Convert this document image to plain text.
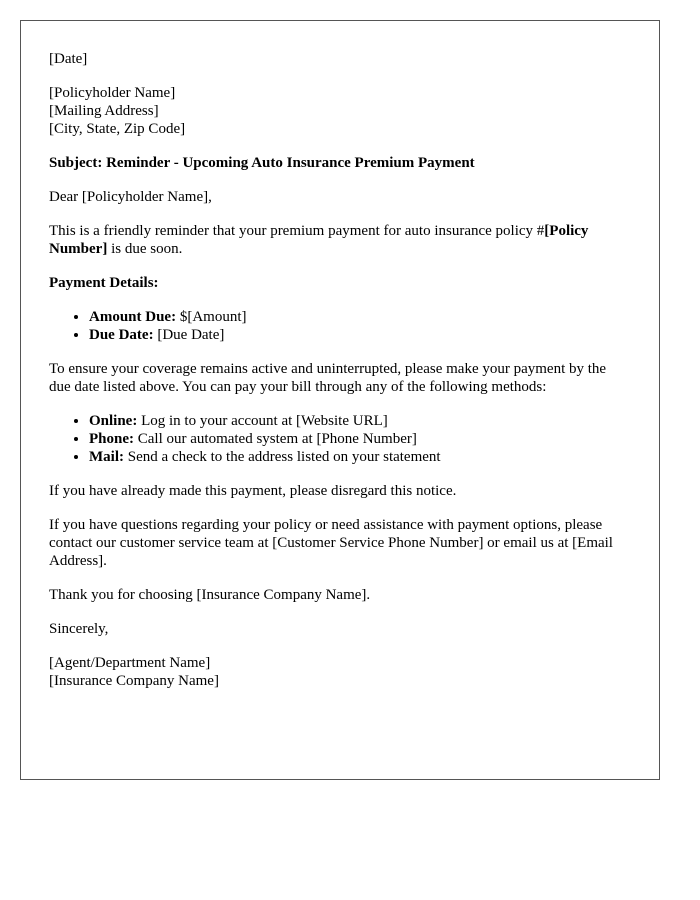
[Date]

[Policyholder Name]

[Mailing Address]

[City, State, Zip Code]

Subject: Reminder - Upcoming Auto Insurance Premium Payment

Dear [Policyholder Name],

This is a friendly reminder that your premium payment for auto insurance policy #[Policy Number] is due soon.

Payment Details:

• Amount Due: $[Amount]
• Due Date: [Due Date]

To ensure your coverage remains active and uninterrupted, please make your payment by the due date listed above. You can pay your bill through any of the following methods:

• Online: Log in to your account at [Website URL]
• Phone: Call our automated system at [Phone Number]
• Mail: Send a check to the address listed on your statement

If you have already made this payment, please disregard this notice.

If you have questions regarding your policy or need assistance with payment options, please contact our customer service team at [Customer Service Phone Number] or email us at [Email Address].

Thank you for choosing [Insurance Company Name].

Sincerely,

[Agent/Department Name]

[Insurance Company Name]
